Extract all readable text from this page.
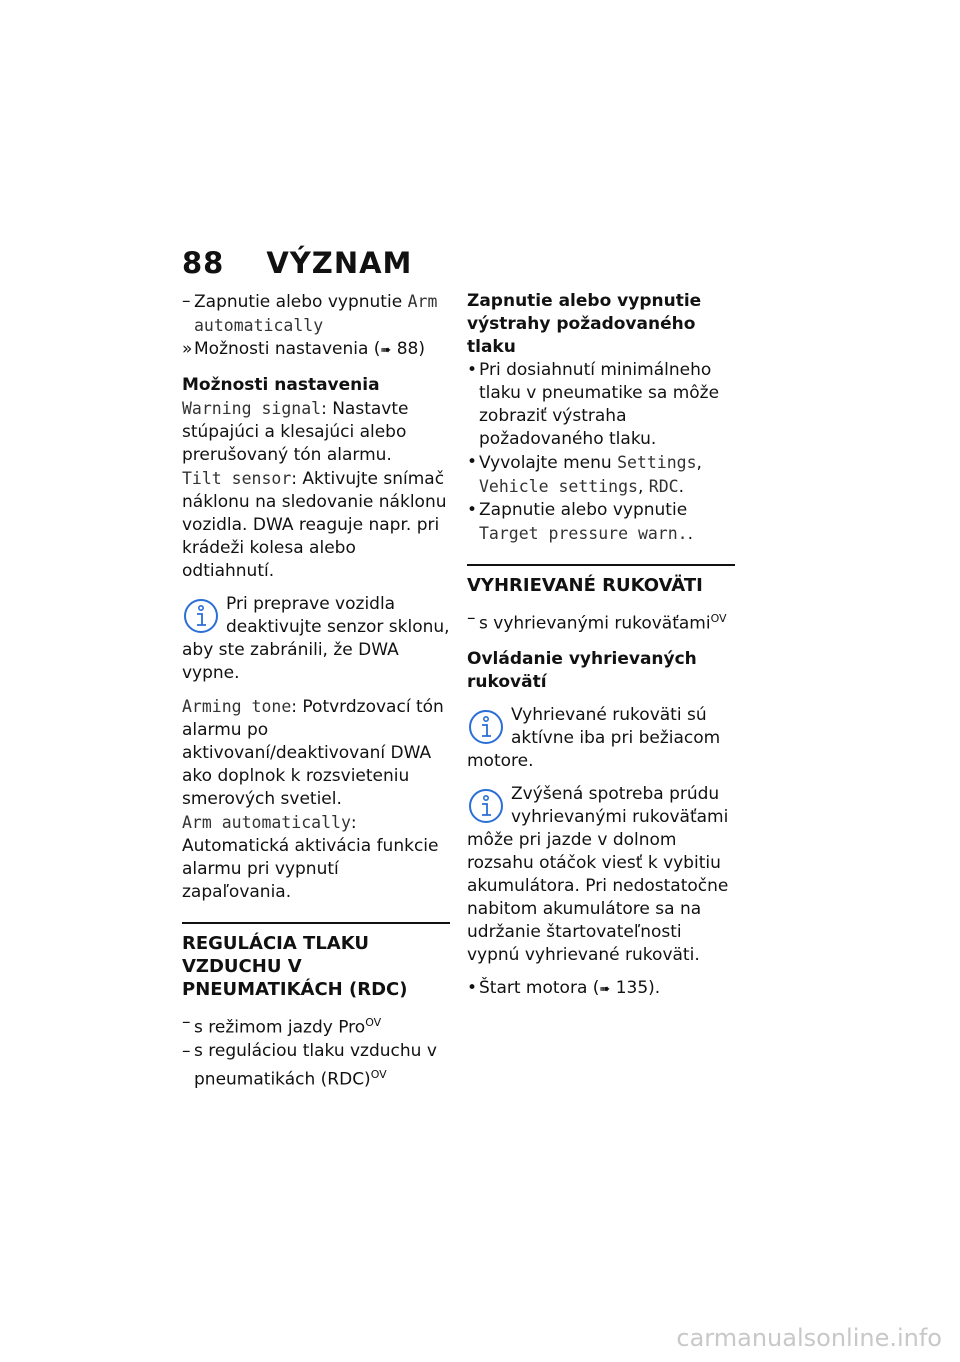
88 VÝZNAM

– Zapnutie alebo vypnutie Arm automatically

» Možnosti nastavenia (➠ 88)

Možnosti nastavenia

Warning signal: Nastavte stúpajúci a klesajúci alebo prerušovaný tón alarmu.

Tilt sensor: Aktivujte snímač náklonu na sledovanie náklonu vozidla. DWA reaguje napr. pri krádeži kolesa alebo odtiahnutí.

Pri preprave vozidla deaktivujte senzor sklonu, aby ste zabránili, že DWA vypne.

Arming tone: Potvrdzovací tón alarmu po aktivovaní/deaktivovaní DWA ako doplnok k rozsvieteniu smerových svetiel.

Arm automatically: Automatická aktivácia funkcie alarmu pri vypnutí zapaľovania.

REGULÁCIA TLAKU VZDUCHU V PNEUMATIKÁCH (RDC)

– s režimom jazdy Pro$^{OV}$

– s reguláciou tlaku vzduchu v pneumatikách (RDC)$^{OV}$

Zapnutie alebo vypnutie výstrahy požadovaného tlaku

• Pri dosiahnutí minimálneho tlaku v pneumatike sa môže zobraziť výstraha požadovaného tlaku.

• Vyvolajte menu Settings, Vehicle settings, RDC.

• Zapnutie alebo vypnutie Target pressure warn..

VYHRIEVANÉ RUKOVÄTI

– s vyhrievanými rukoväťami$^{OV}$

Ovládanie vyhrievaných rukovätí

Vyhrievané rukoväti sú aktívne iba pri bežiacom motore.

Zvýšená spotreba prúdu vyhrievanými rukoväťami môže pri jazde v dolnom rozsahu otáčok viesť k vybitiu akumulátora. Pri nedostatočne nabitom akumulátore sa na udržanie štartovateľnosti vypnú vyhrievané rukoväti.

• Štart motora (➠ 135).

carmanualsonline.info
